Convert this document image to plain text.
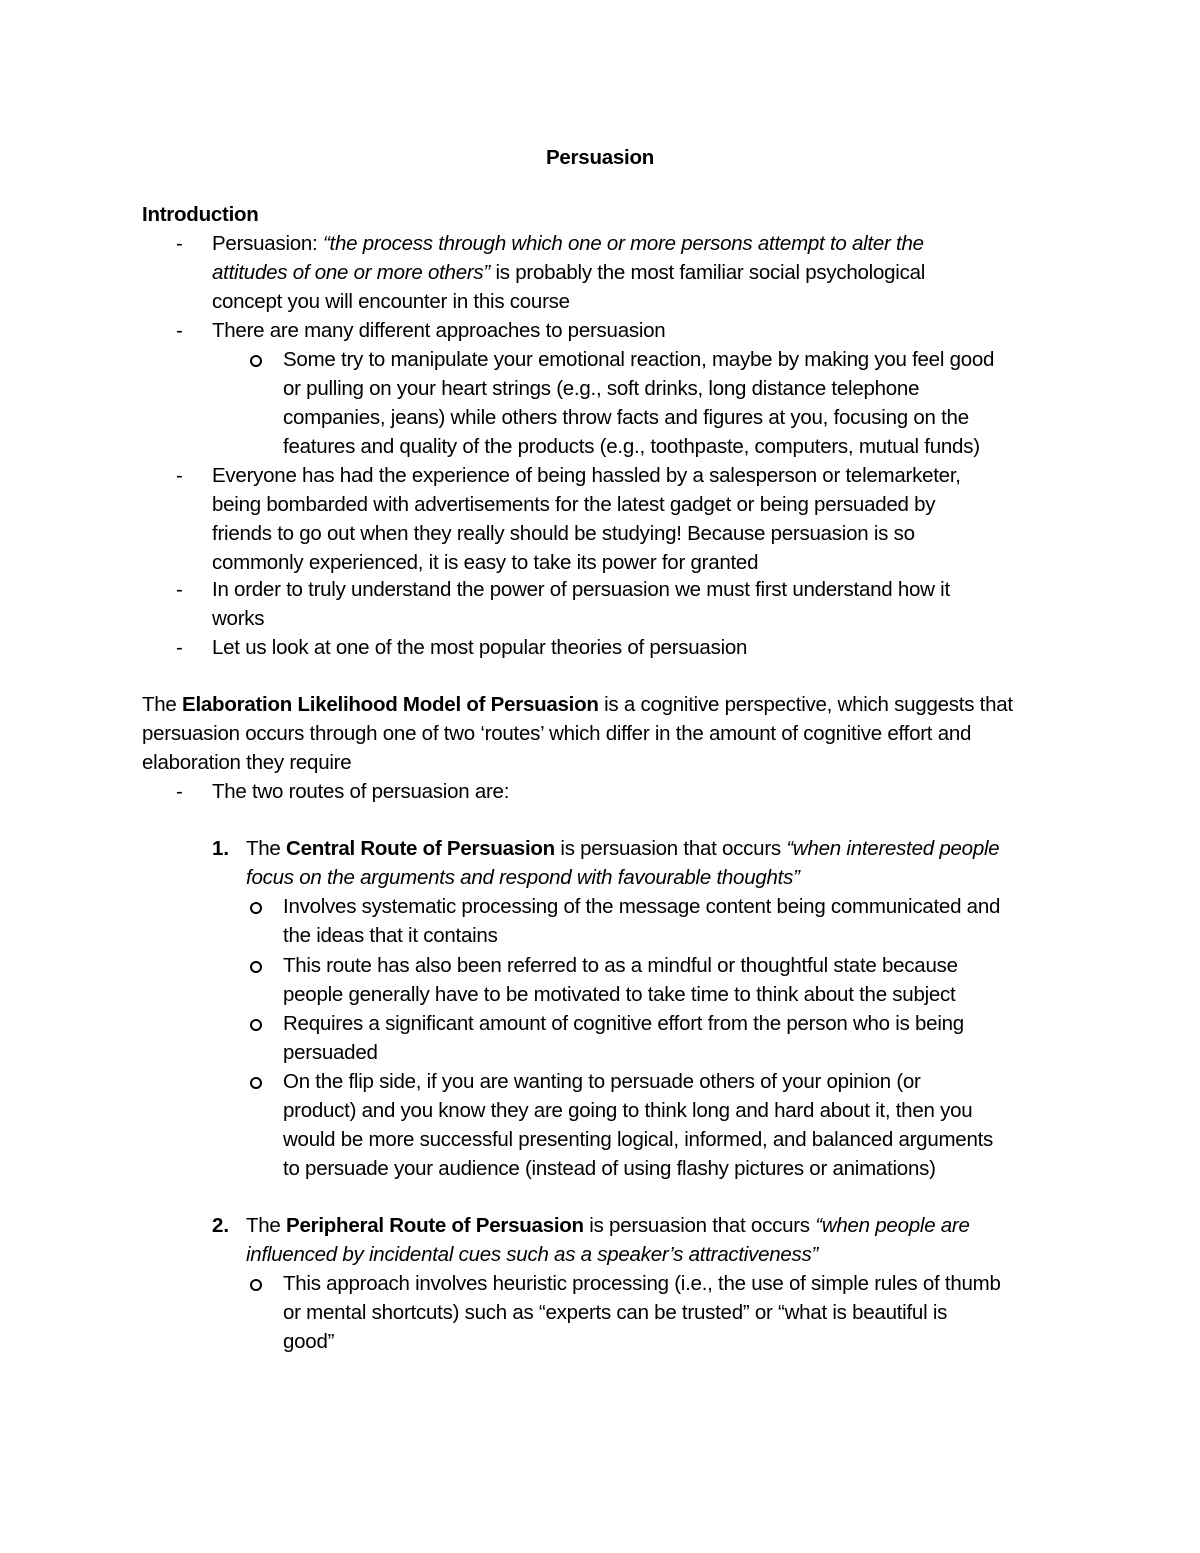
Persuasion
Introduction
- Persuasion: “the process through which one or more persons attempt to alter the
attitudes of one or more others” is probably the most familiar social psychological
concept you will encounter in this course
- There are many different approaches to persuasion
Some try to manipulate your emotional reaction, maybe by making you feel good
or pulling on your heart strings (e.g., soft drinks, long distance telephone
companies, jeans) while others throw facts and figures at you, focusing on the
features and quality of the products (e.g., toothpaste, computers, mutual funds)
- Everyone has had the experience of being hassled by a salesperson or telemarketer,
being bombarded with advertisements for the latest gadget or being persuaded by
friends to go out when they really should be studying! Because persuasion is so
commonly experienced, it is easy to take its power for granted
- In order to truly understand the power of persuasion we must first understand how it
works
- Let us look at one of the most popular theories of persuasion
The Elaboration Likelihood Model of Persuasion is a cognitive perspective, which suggests that
persuasion occurs through one of two ‘routes’ which differ in the amount of cognitive effort and
elaboration they require
- The two routes of persuasion are:
1. The Central Route of Persuasion is persuasion that occurs “when interested people
focus on the arguments and respond with favourable thoughts”
Involves systematic processing of the message content being communicated and
the ideas that it contains
This route has also been referred to as a mindful or thoughtful state because
people generally have to be motivated to take time to think about the subject
Requires a significant amount of cognitive effort from the person who is being
persuaded
On the flip side, if you are wanting to persuade others of your opinion (or
product) and you know they are going to think long and hard about it, then you
would be more successful presenting logical, informed, and balanced arguments
to persuade your audience (instead of using flashy pictures or animations)
2. The Peripheral Route of Persuasion is persuasion that occurs “when people are
influenced by incidental cues such as a speaker’s attractiveness”
This approach involves heuristic processing (i.e., the use of simple rules of thumb
or mental shortcuts) such as “experts can be trusted” or “what is beautiful is
good”
